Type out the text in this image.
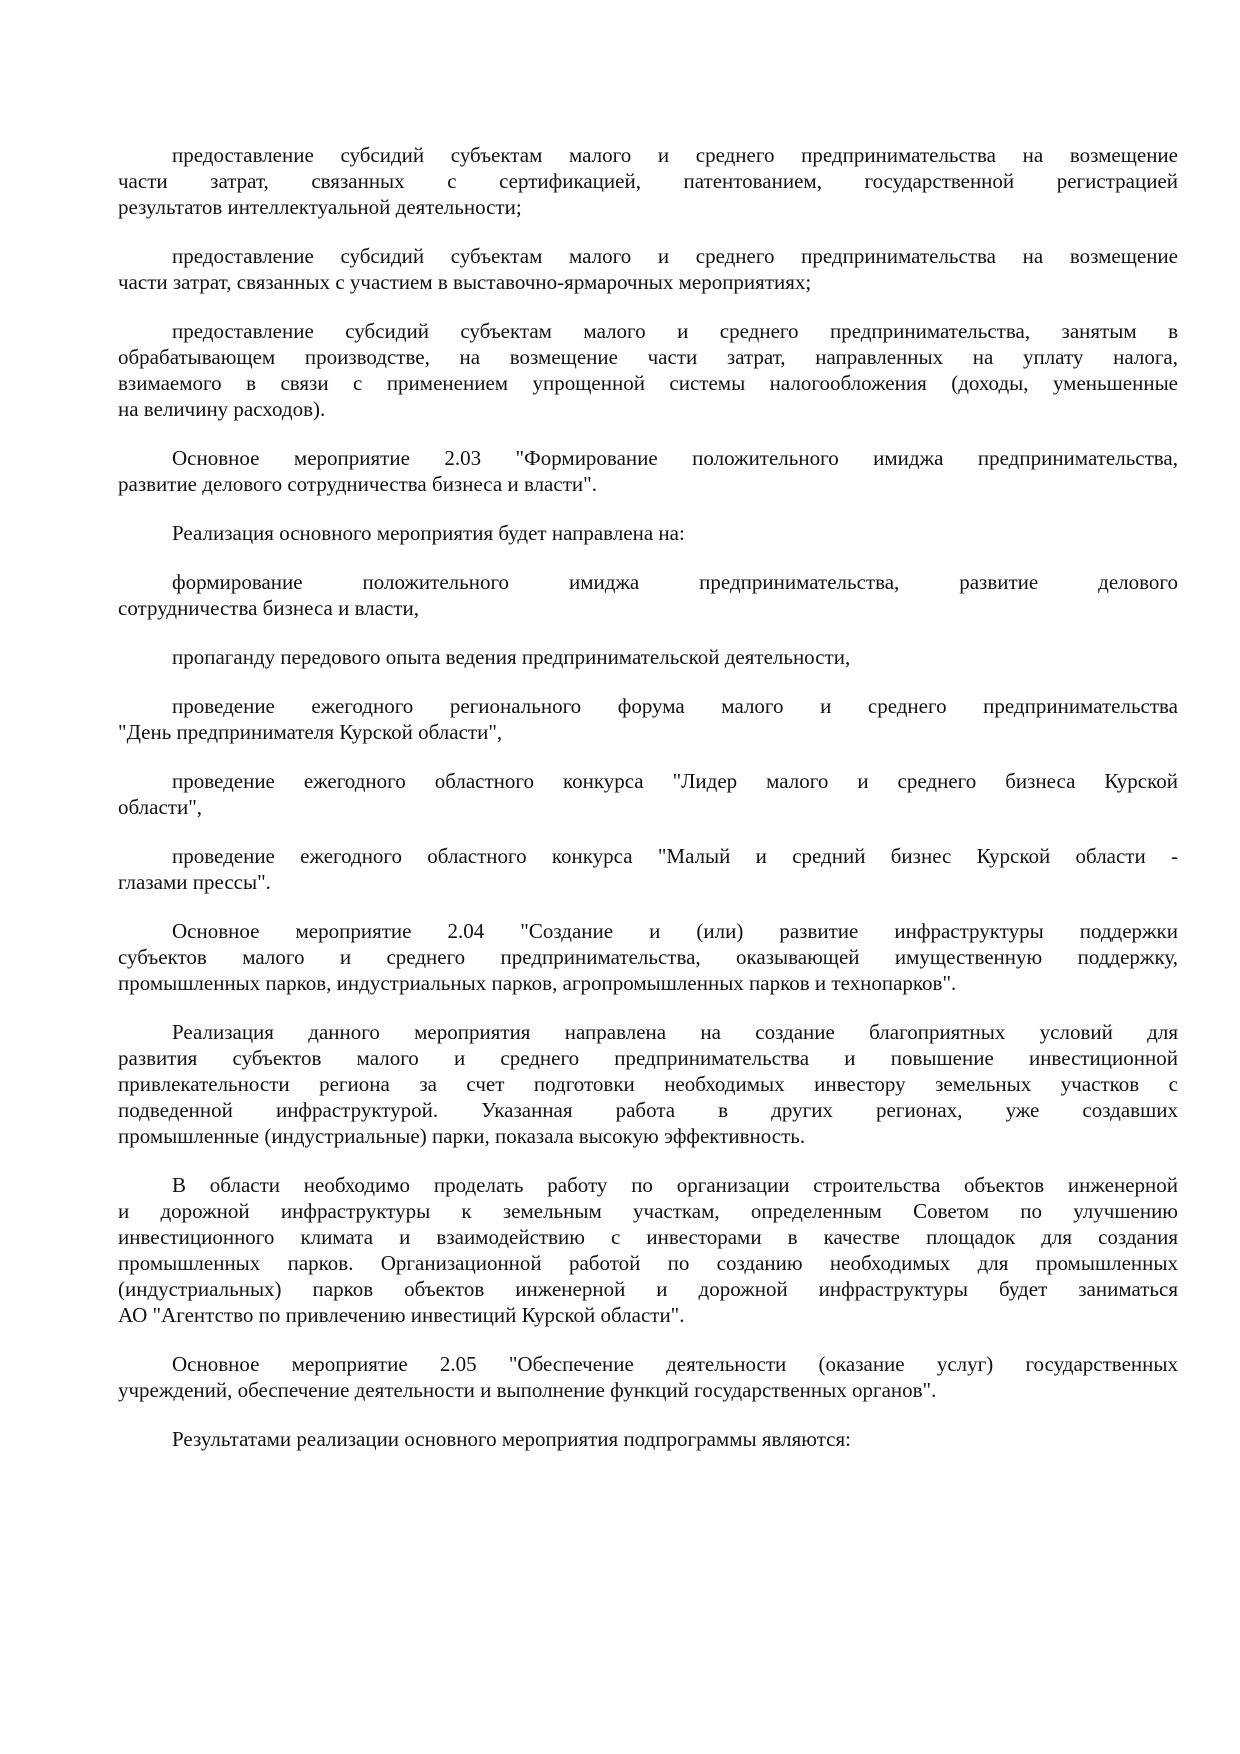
предоставление субсидий субъектам малого и среднего предпринимательства на возмещение
части затрат, связанных с сертификацией, патентованием, государственной регистрацией
результатов интеллектуальной деятельности;
предоставление субсидий субъектам малого и среднего предпринимательства на возмещение
части затрат, связанных с участием в выставочно-ярмарочных мероприятиях;
предоставление субсидий субъектам малого и среднего предпринимательства, занятым в
обрабатывающем производстве, на возмещение части затрат, направленных на уплату налога,
взимаемого в связи с применением упрощенной системы налогообложения (доходы, уменьшенные
на величину расходов).
Основное мероприятие 2.03 "Формирование положительного имиджа предпринимательства,
развитие делового сотрудничества бизнеса и власти".
Реализация основного мероприятия будет направлена на:
формирование положительного имиджа предпринимательства, развитие делового
сотрудничества бизнеса и власти,
пропаганду передового опыта ведения предпринимательской деятельности,
проведение ежегодного регионального форума малого и среднего предпринимательства
"День предпринимателя Курской области",
проведение ежегодного областного конкурса "Лидер малого и среднего бизнеса Курской
области",
проведение ежегодного областного конкурса "Малый и средний бизнес Курской области -
глазами прессы".
Основное мероприятие 2.04 "Создание и (или) развитие инфраструктуры поддержки
субъектов малого и среднего предпринимательства, оказывающей имущественную поддержку,
промышленных парков, индустриальных парков, агропромышленных парков и технопарков".
Реализация данного мероприятия направлена на создание благоприятных условий для
развития субъектов малого и среднего предпринимательства и повышение инвестиционной
привлекательности региона за счет подготовки необходимых инвестору земельных участков с
подведенной инфраструктурой. Указанная работа в других регионах, уже создавших
промышленные (индустриальные) парки, показала высокую эффективность.
В области необходимо проделать работу по организации строительства объектов инженерной
и дорожной инфраструктуры к земельным участкам, определенным Советом по улучшению
инвестиционного климата и взаимодействию с инвесторами в качестве площадок для создания
промышленных парков. Организационной работой по созданию необходимых для промышленных
(индустриальных) парков объектов инженерной и дорожной инфраструктуры будет заниматься
АО "Агентство по привлечению инвестиций Курской области".
Основное мероприятие 2.05 "Обеспечение деятельности (оказание услуг) государственных
учреждений, обеспечение деятельности и выполнение функций государственных органов".
Результатами реализации основного мероприятия подпрограммы являются:
